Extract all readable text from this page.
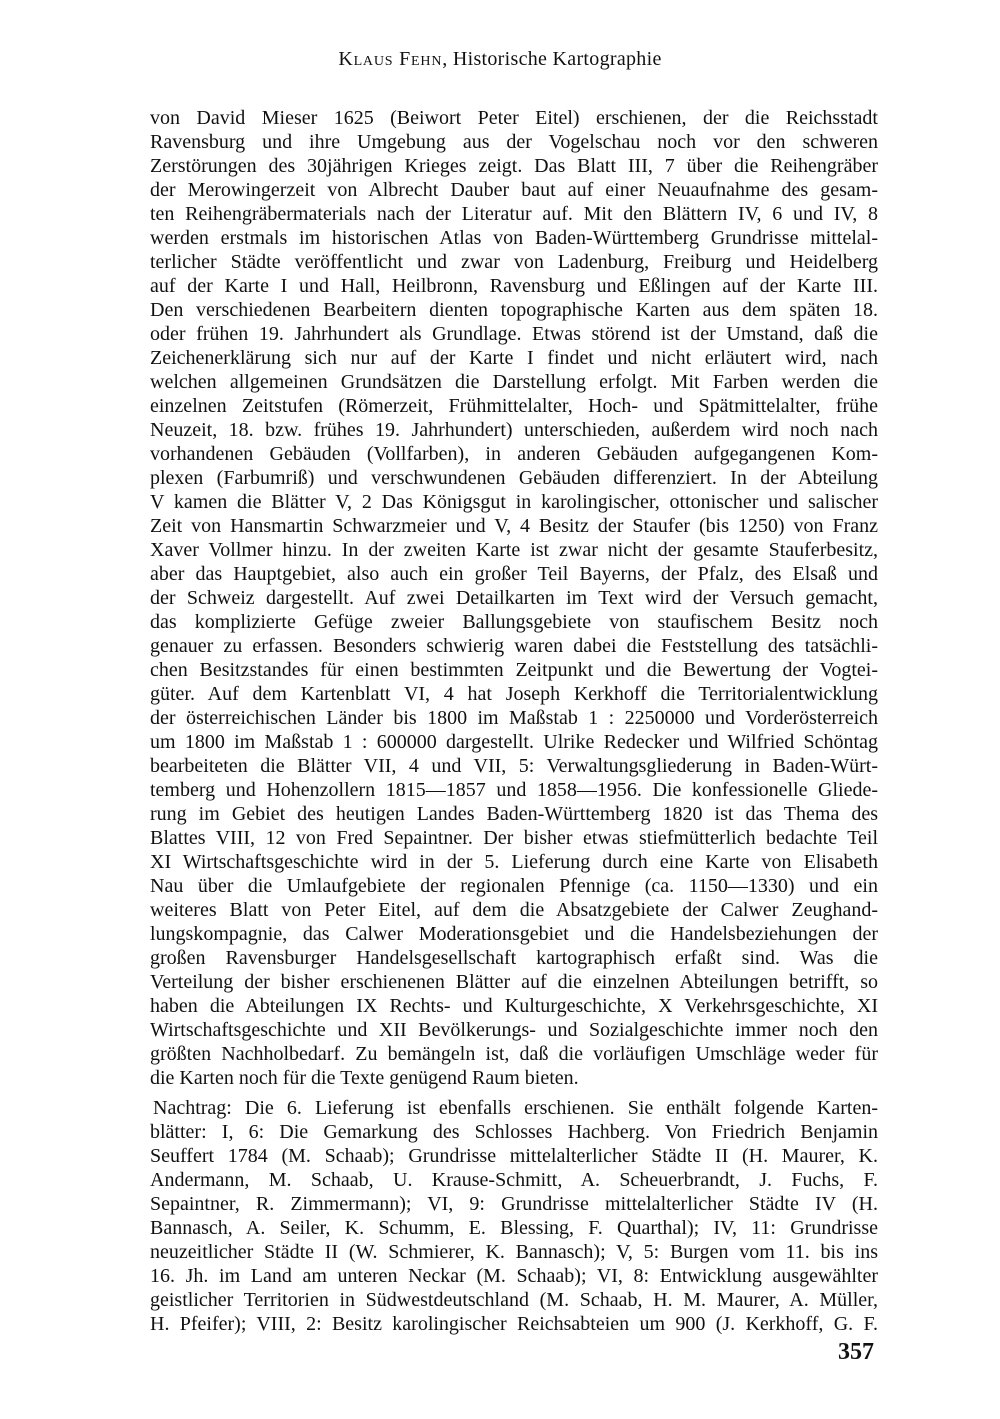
Klaus Fehn, Historische Kartographie
von David Mieser 1625 (Beiwort Peter Eitel) erschienen, der die Reichsstadt
Ravensburg und ihre Umgebung aus der Vogelschau noch vor den schweren
Zerstörungen des 30jährigen Krieges zeigt. Das Blatt III, 7 über die Reihengräber
der Merowingerzeit von Albrecht Dauber baut auf einer Neuaufnahme des gesam-
ten Reihengräbermaterials nach der Literatur auf. Mit den Blättern IV, 6 und IV, 8
werden erstmals im historischen Atlas von Baden-Württemberg Grundrisse mittelal-
terlicher Städte veröffentlicht und zwar von Ladenburg, Freiburg und Heidelberg
auf der Karte I und Hall, Heilbronn, Ravensburg und Eßlingen auf der Karte III.
Den verschiedenen Bearbeitern dienten topographische Karten aus dem späten 18.
oder frühen 19. Jahrhundert als Grundlage. Etwas störend ist der Umstand, daß die
Zeichenerklärung sich nur auf der Karte I findet und nicht erläutert wird, nach
welchen allgemeinen Grundsätzen die Darstellung erfolgt. Mit Farben werden die
einzelnen Zeitstufen (Römerzeit, Frühmittelalter, Hoch- und Spätmittelalter, frühe
Neuzeit, 18. bzw. frühes 19. Jahrhundert) unterschieden, außerdem wird noch nach
vorhandenen Gebäuden (Vollfarben), in anderen Gebäuden aufgegangenen Kom-
plexen (Farbumriß) und verschwundenen Gebäuden differenziert. In der Abteilung
V kamen die Blätter V, 2 Das Königsgut in karolingischer, ottonischer und salischer
Zeit von Hansmartin Schwarzmeier und V, 4 Besitz der Staufer (bis 1250) von Franz
Xaver Vollmer hinzu. In der zweiten Karte ist zwar nicht der gesamte Stauferbesitz,
aber das Hauptgebiet, also auch ein großer Teil Bayerns, der Pfalz, des Elsaß und
der Schweiz dargestellt. Auf zwei Detailkarten im Text wird der Versuch gemacht,
das komplizierte Gefüge zweier Ballungsgebiete von staufischem Besitz noch
genauer zu erfassen. Besonders schwierig waren dabei die Feststellung des tatsächli-
chen Besitzstandes für einen bestimmten Zeitpunkt und die Bewertung der Vogtei-
güter. Auf dem Kartenblatt VI, 4 hat Joseph Kerkhoff die Territorialentwicklung
der österreichischen Länder bis 1800 im Maßstab 1 : 2250000 und Vorderösterreich
um 1800 im Maßstab 1 : 600000 dargestellt. Ulrike Redecker und Wilfried Schöntag
bearbeiteten die Blätter VII, 4 und VII, 5: Verwaltungsgliederung in Baden-Würt-
temberg und Hohenzollern 1815—1857 und 1858—1956. Die konfessionelle Gliede-
rung im Gebiet des heutigen Landes Baden-Württemberg 1820 ist das Thema des
Blattes VIII, 12 von Fred Sepaintner. Der bisher etwas stiefmütterlich bedachte Teil
XI Wirtschaftsgeschichte wird in der 5. Lieferung durch eine Karte von Elisabeth
Nau über die Umlaufgebiete der regionalen Pfennige (ca. 1150—1330) und ein
weiteres Blatt von Peter Eitel, auf dem die Absatzgebiete der Calwer Zeughand-
lungskompagnie, das Calwer Moderationsgebiet und die Handelsbeziehungen der
großen Ravensburger Handelsgesellschaft kartographisch erfaßt sind. Was die
Verteilung der bisher erschienenen Blätter auf die einzelnen Abteilungen betrifft, so
haben die Abteilungen IX Rechts- und Kulturgeschichte, X Verkehrsgeschichte, XI
Wirtschaftsgeschichte und XII Bevölkerungs- und Sozialgeschichte immer noch den
größten Nachholbedarf. Zu bemängeln ist, daß die vorläufigen Umschläge weder für
die Karten noch für die Texte genügend Raum bieten.
Nachtrag: Die 6. Lieferung ist ebenfalls erschienen. Sie enthält folgende Karten-
blätter: I, 6: Die Gemarkung des Schlosses Hachberg. Von Friedrich Benjamin
Seuffert 1784 (M. Schaab); Grundrisse mittelalterlicher Städte II (H. Maurer, K.
Andermann, M. Schaab, U. Krause-Schmitt, A. Scheuerbrandt, J. Fuchs, F.
Sepaintner, R. Zimmermann); VI, 9: Grundrisse mittelalterlicher Städte IV (H.
Bannasch, A. Seiler, K. Schumm, E. Blessing, F. Quarthal); IV, 11: Grundrisse
neuzeitlicher Städte II (W. Schmierer, K. Bannasch); V, 5: Burgen vom 11. bis ins
16. Jh. im Land am unteren Neckar (M. Schaab); VI, 8: Entwicklung ausgewählter
geistlicher Territorien in Südwestdeutschland (M. Schaab, H. M. Maurer, A. Müller,
H. Pfeifer); VIII, 2: Besitz karolingischer Reichsabteien um 900 (J. Kerkhoff, G. F.
357
